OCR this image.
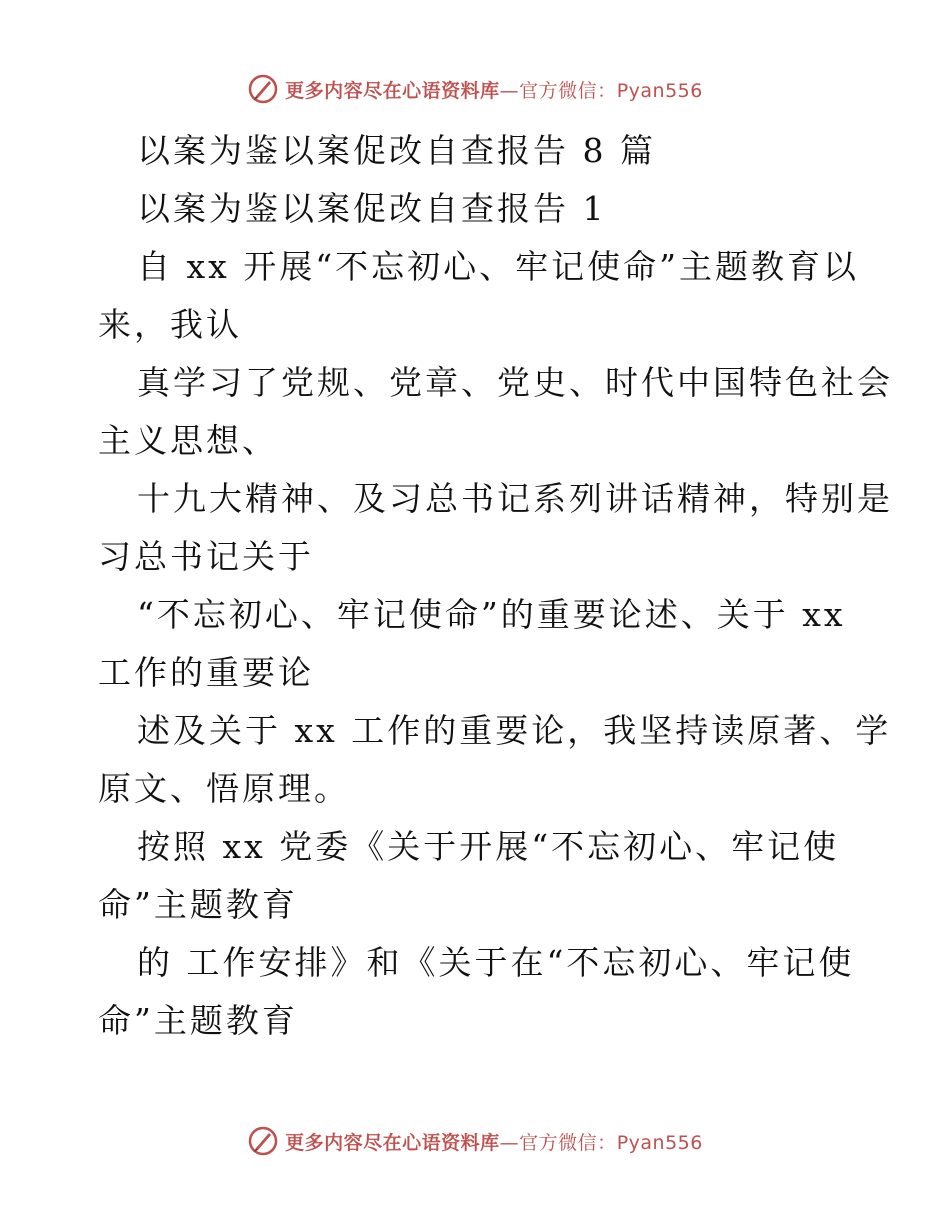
更多内容尽在心语资料库—官方微信：Pyan556
以案为鉴以案促改自查报告 8 篇
以案为鉴以案促改自查报告 1
自 xx 开展“不忘初心、牢记使命”主题教育以
来，我认
真学习了党规、党章、党史、时代中国特色社会
主义思想、
十九大精神、及习总书记系列讲话精神，特别是
习总书记关于
“不忘初心、牢记使命”的重要论述、关于 xx
工作的重要论
述及关于 xx 工作的重要论，我坚持读原著、学
原文、悟原理。
按照 xx 党委《关于开展“不忘初心、牢记使
命”主题教育
的 工作安排》和《关于在“不忘初心、牢记使
命”主题教育
更多内容尽在心语资料库—官方微信：Pyan556
